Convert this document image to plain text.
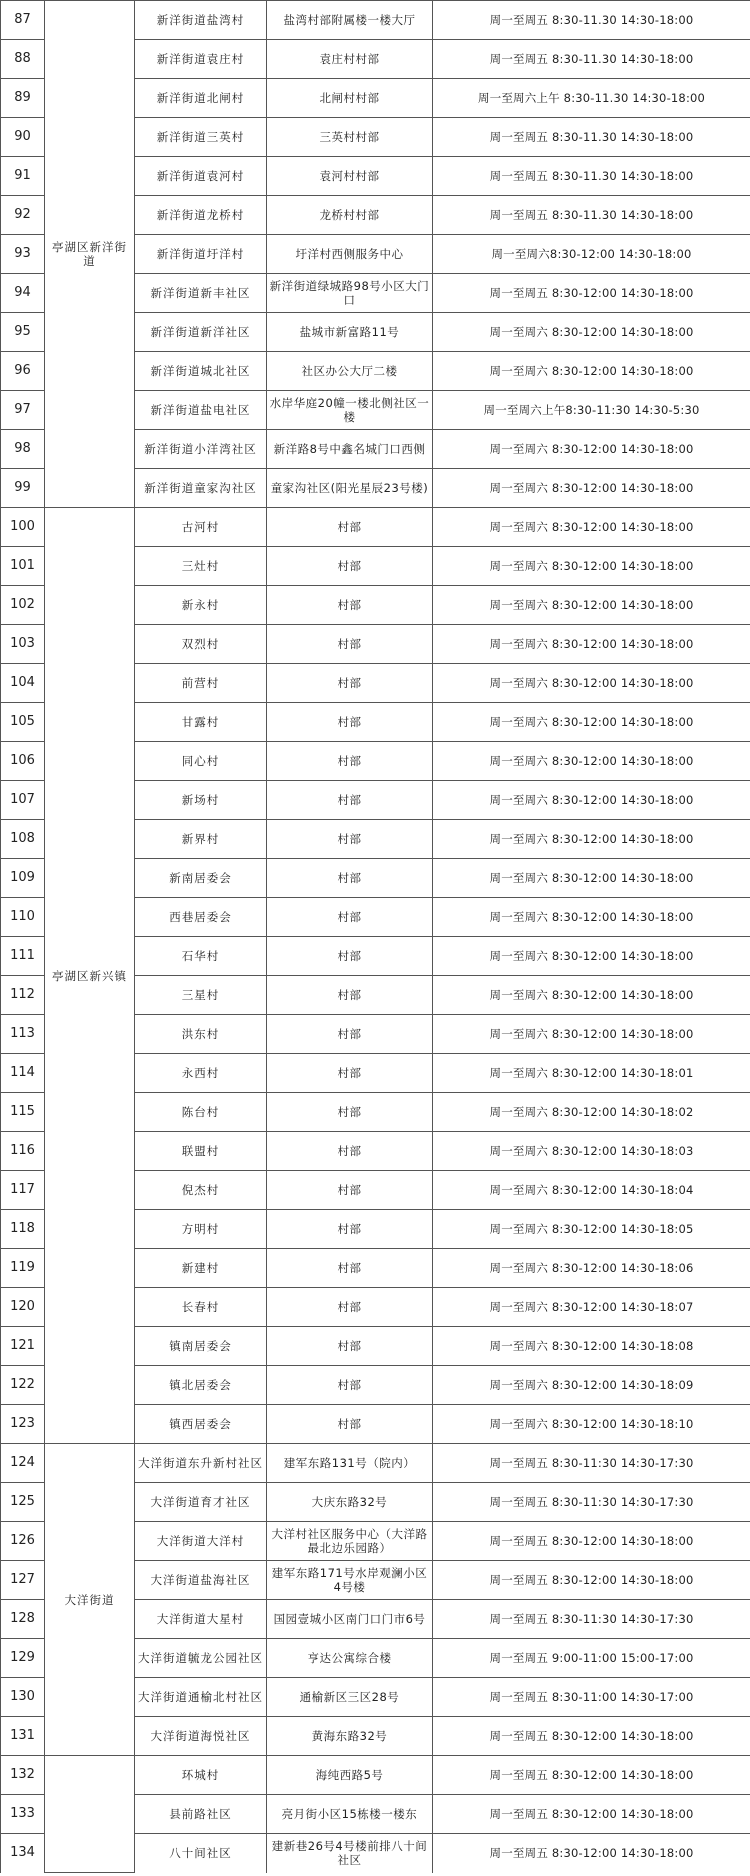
87	亭湖区新洋街道	新洋街道盐湾村	盐湾村部附属楼一楼大厅	周一至周五 8:30-11.30 14:30-18:00
88		新洋街道袁庄村	袁庄村村部	周一至周五 8:30-11.30 14:30-18:00
89		新洋街道北闸村	北闸村村部	周一至周六上午 8:30-11.30 14:30-18:00
90		新洋街道三英村	三英村村部	周一至周五 8:30-11.30 14:30-18:00
91		新洋街道袁河村	袁河村村部	周一至周五 8:30-11.30 14:30-18:00
92		新洋街道龙桥村	龙桥村村部	周一至周五 8:30-11.30 14:30-18:00
93		新洋街道圩洋村	圩洋村西侧服务中心	周一至周六8:30-12:00 14:30-18:00
94		新洋街道新丰社区	新洋街道绿城路98号小区大门口	周一至周五 8:30-12:00 14:30-18:00
95		新洋街道新洋社区	盐城市新富路11号	周一至周六 8:30-12:00 14:30-18:00
96		新洋街道城北社区	社区办公大厅二楼	周一至周六 8:30-12:00 14:30-18:00
97		新洋街道盐电社区	水岸华庭20幢一楼北侧社区一楼	周一至周六上午8:30-11:30 14:30-5:30
98		新洋街道小洋湾社区	新洋路8号中鑫名城门口西侧	周一至周六 8:30-12:00 14:30-18:00
99		新洋街道童家沟社区	童家沟社区(阳光星辰23号楼)	周一至周六 8:30-12:00 14:30-18:00
100	亭湖区新兴镇	古河村	村部	周一至周六 8:30-12:00 14:30-18:00
101		三灶村	村部	周一至周六 8:30-12:00 14:30-18:00
102		新永村	村部	周一至周六 8:30-12:00 14:30-18:00
103		双烈村	村部	周一至周六 8:30-12:00 14:30-18:00
104		前营村	村部	周一至周六 8:30-12:00 14:30-18:00
105		甘露村	村部	周一至周六 8:30-12:00 14:30-18:00
106		同心村	村部	周一至周六 8:30-12:00 14:30-18:00
107		新场村	村部	周一至周六 8:30-12:00 14:30-18:00
108		新界村	村部	周一至周六 8:30-12:00 14:30-18:00
109		新南居委会	村部	周一至周六 8:30-12:00 14:30-18:00
110		西巷居委会	村部	周一至周六 8:30-12:00 14:30-18:00
111		石华村	村部	周一至周六 8:30-12:00 14:30-18:00
112		三星村	村部	周一至周六 8:30-12:00 14:30-18:00
113		洪东村	村部	周一至周六 8:30-12:00 14:30-18:00
114		永西村	村部	周一至周六 8:30-12:00 14:30-18:01
115		陈台村	村部	周一至周六 8:30-12:00 14:30-18:02
116		联盟村	村部	周一至周六 8:30-12:00 14:30-18:03
117		倪杰村	村部	周一至周六 8:30-12:00 14:30-18:04
118		方明村	村部	周一至周六 8:30-12:00 14:30-18:05
119		新建村	村部	周一至周六 8:30-12:00 14:30-18:06
120		长春村	村部	周一至周六 8:30-12:00 14:30-18:07
121		镇南居委会	村部	周一至周六 8:30-12:00 14:30-18:08
122		镇北居委会	村部	周一至周六 8:30-12:00 14:30-18:09
123		镇西居委会	村部	周一至周六 8:30-12:00 14:30-18:10
124	大洋街道	大洋街道东升新村社区	建军东路131号（院内）	周一至周五 8:30-11:30 14:30-17:30
125		大洋街道育才社区	大庆东路32号	周一至周五 8:30-11:30 14:30-17:30
126		大洋街道大洋村	大洋村社区服务中心（大洋路最北边乐园路）	周一至周五 8:30-12:00 14:30-18:00
127		大洋街道盐海社区	建军东路171号水岸观澜小区4号楼	周一至周五 8:30-12:00 14:30-18:00
128		大洋街道大星村	国园壹城小区南门口门市6号	周一至周五 8:30-11:30 14:30-17:30
129		大洋街道毓龙公园社区	亨达公寓综合楼	周一至周五 9:00-11:00 15:00-17:00
130		大洋街道通榆北村社区	通榆新区三区28号	周一至周五 8:30-11:00 14:30-17:00
131		大洋街道海悦社区	黄海东路32号	周一至周五 8:30-12:00 14:30-18:00
132		环城村	海纯西路5号	周一至周五 8:30-12:00 14:30-18:00
133		县前路社区	亮月街小区15栋楼一楼东	周一至周五 8:30-12:00 14:30-18:00
134		八十间社区	建新巷26号4号楼前排八十间社区	周一至周五 8:30-12:00 14:30-18:00
